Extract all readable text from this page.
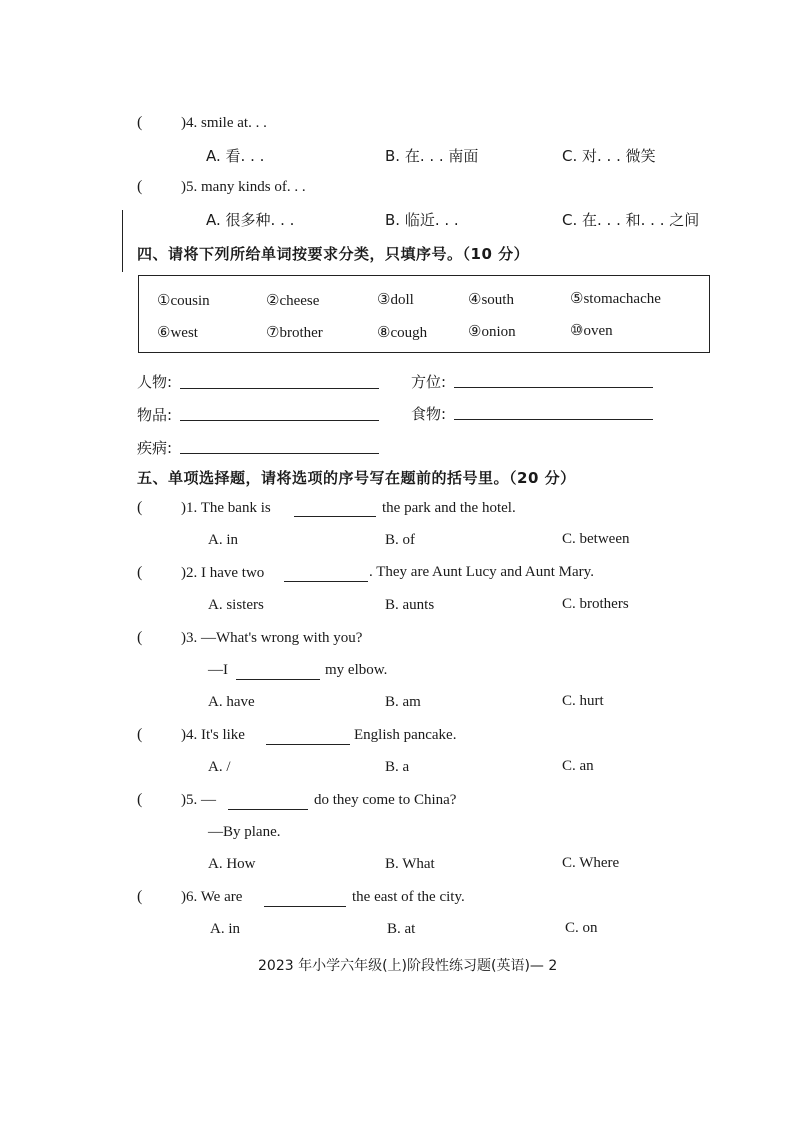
(	)4. smile at. . .
A. 看. . .	B. 在. . . 南面	C. 对. . . 微笑
(	)5. many kinds of. . .
A. 很多种. . .	B. 临近. . .	C. 在. . . 和. . . 之间
四、请将下列所给单词按要求分类，只填序号。（10 分）
①cousin	②cheese	③doll	④south	⑤stomachache
⑥west	⑦brother	⑧cough	⑨onion	⑩oven
人物:	方位:
物品:	食物:
疾病:
五、单项选择题，请将选项的序号写在题前的括号里。（20 分）
(	)1. The bank is	the park and the hotel.
A. in	B. of	C. between
(	)2. I have two	. They are Aunt Lucy and Aunt Mary.
A. sisters	B. aunts	C. brothers
(	)3. —What's wrong with you?
—I	my elbow.
A. have	B. am	C. hurt
(	)4. It's like	English pancake.
A. /	B. a	C. an
(	)5. —	do they come to China?
—By plane.
A. How	B. What	C. Where
(	)6. We are	the east of the city.
A. in	B. at	C. on
2023 年小学六年级(上)阶段性练习题(英语)— 2
